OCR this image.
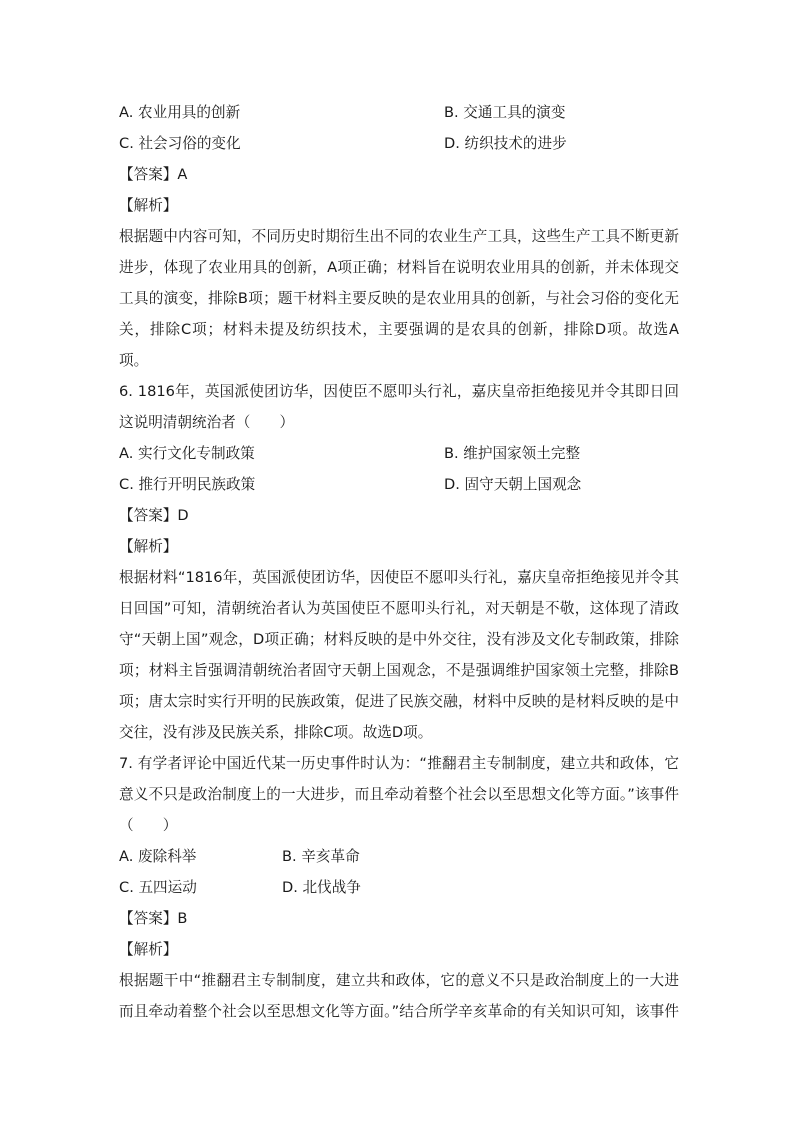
A. 农业用具的创新	B. 交通工具的演变
C. 社会习俗的变化	D. 纺织技术的进步
【答案】A
【解析】
根据题中内容可知，不同历史时期衍生出不同的农业生产工具，这些生产工具不断更新
进步，体现了农业用具的创新，A项正确；材料旨在说明农业用具的创新，并未体现交
工具的演变，排除B项；题干材料主要反映的是农业用具的创新，与社会习俗的变化无
关，排除C项；材料未提及纺织技术，主要强调的是农具的创新，排除D项。故选A
项。
6. 1816年，英国派使团访华，因使臣不愿叩头行礼，嘉庆皇帝拒绝接见并令其即日回
这说明清朝统治者（　　）
A. 实行文化专制政策	B. 维护国家领土完整
C. 推行开明民族政策	D. 固守天朝上国观念
【答案】D
【解析】
根据材料“1816年，英国派使团访华，因使臣不愿叩头行礼，嘉庆皇帝拒绝接见并令其
日回国”可知，清朝统治者认为英国使臣不愿叩头行礼，对天朝是不敬，这体现了清政
守“天朝上国”观念，D项正确；材料反映的是中外交往，没有涉及文化专制政策，排除
项；材料主旨强调清朝统治者固守天朝上国观念，不是强调维护国家领土完整，排除B
项；唐太宗时实行开明的民族政策，促进了民族交融，材料中反映的是材料反映的是中
交往，没有涉及民族关系，排除C项。故选D项。
7. 有学者评论中国近代某一历史事件时认为：“推翻君主专制制度，建立共和政体，它
意义不只是政治制度上的一大进步，而且牵动着整个社会以至思想文化等方面。”该事件
（　　）
A. 废除科举	B. 辛亥革命
C. 五四运动	D. 北伐战争
【答案】B
【解析】
根据题干中“推翻君主专制制度，建立共和政体，它的意义不只是政治制度上的一大进
而且牵动着整个社会以至思想文化等方面。”结合所学辛亥革命的有关知识可知，该事件
